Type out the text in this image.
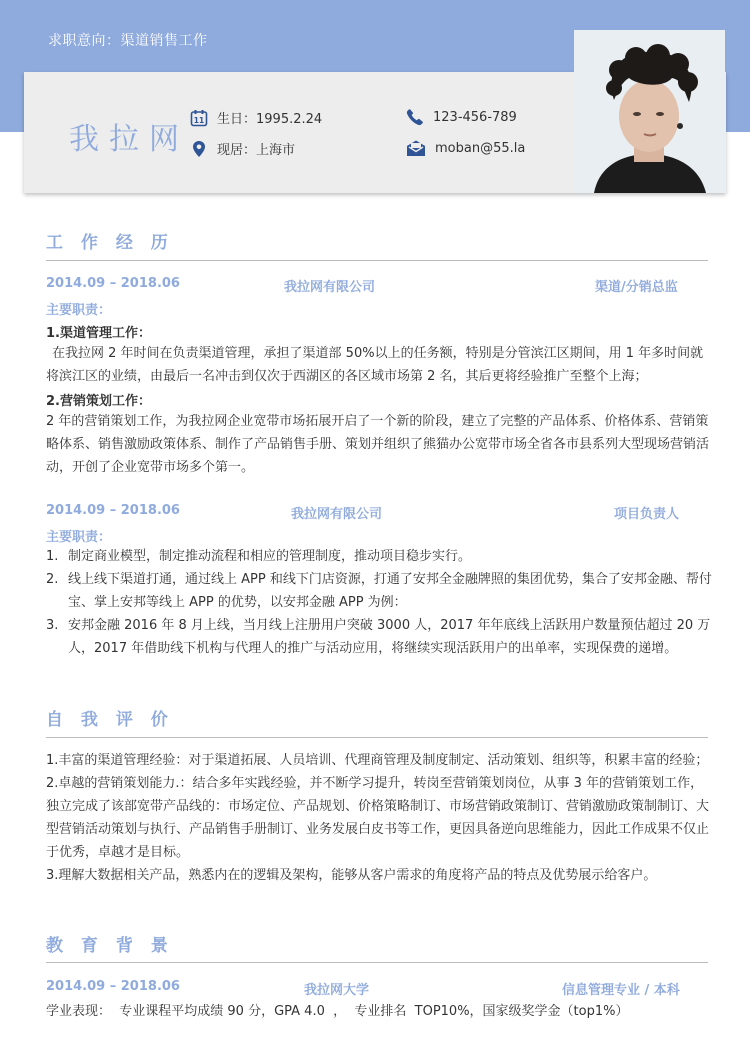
求职意向：渠道销售工作
我拉网
11 生日：1995.2.24
现居：上海市
123-456-789
moban@55.la
工 作 经 历
2014.09 – 2018.06	我拉网有限公司	渠道/分销总监
主要职责：
1.渠道管理工作：

在我拉网 2 年时间在负责渠道管理，承担了渠道部 50%以上的任务额，特别是分管滨江区期间，用 1 年多时间就将滨江区的业绩，由最后一名冲击到仅次于西湖区的各区域市场第 2 名，其后更将经验推广至整个上海；

2.营销策划工作：

2 年的营销策划工作，为我拉网企业宽带市场拓展开启了一个新的阶段，建立了完整的产品体系、价格体系、营销策略体系、销售激励政策体系、制作了产品销售手册、策划并组织了熊猫办公宽带市场全省各市县系列大型现场营销活动，开创了企业宽带市场多个第一。

2014.09 – 2018.06	我拉网有限公司	项目负责人
主要职责：
1. 制定商业模型，制定推动流程和相应的管理制度，推动项目稳步实行。
2. 线上线下渠道打通，通过线上 APP 和线下门店资源，打通了安邦全金融牌照的集团优势，集合了安邦金融、帮付宝、掌上安邦等线上 APP 的优势，以安邦金融 APP 为例：
3. 安邦金融 2016 年 8 月上线，当月线上注册用户突破 3000 人，2017 年年底线上活跃用户数量预估超过 20 万人，2017 年借助线下机构与代理人的推广与活动应用，将继续实现活跃用户的出单率，实现保费的递增。
自 我 评 价

1.丰富的渠道管理经验：对于渠道拓展、人员培训、代理商管理及制度制定、活动策划、组织等，积累丰富的经验；

2.卓越的营销策划能力.：结合多年实践经验，并不断学习提升，转岗至营销策划岗位，从事 3 年的营销策划工作，独立完成了该部宽带产品线的：市场定位、产品规划、价格策略制订、市场营销政策制订、营销激励政策制制订、大型营销活动策划与执行、产品销售手册制订、业务发展白皮书等工作，更因具备逆向思维能力，因此工作成果不仅止于优秀，卓越才是目标。

3.理解大数据相关产品，熟悉内在的逻辑及架构，能够从客户需求的角度将产品的特点及优势展示给客户。

教 育 背 景
2014.09 – 2018.06	我拉网大学	信息管理专业 / 本科
学业表现：  专业课程平均成绩 90 分，GPA 4.0  ，  专业排名  TOP10%，国家级奖学金（top1%）
